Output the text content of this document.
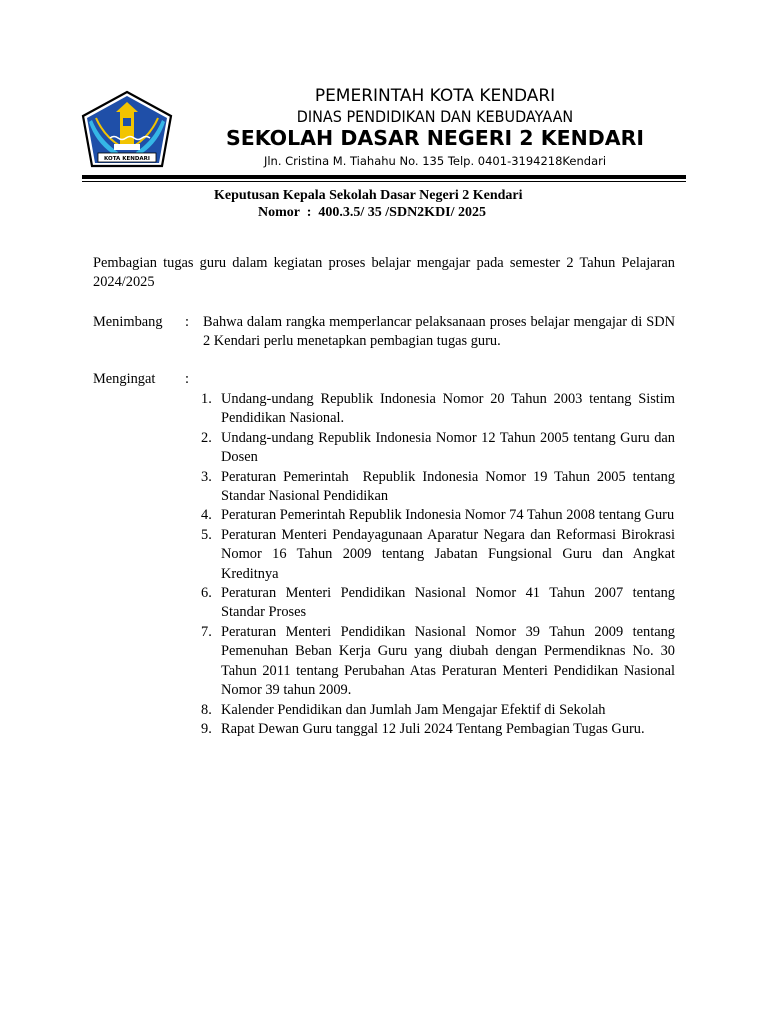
KOTA KENDARI
PEMERINTAH KOTA KENDARI
DINAS PENDIDIKAN DAN KEBUDAYAAN
SEKOLAH DASAR NEGERI 2 KENDARI
Jln. Cristina M. Tiahahu No. 135 Telp. 0401-3194218Kendari
Keputusan Kepala Sekolah Dasar Negeri 2 Kendari
Nomor  :  400.3.5/ 35 /SDN2KDI/ 2025
Pembagian tugas guru dalam kegiatan proses belajar mengajar pada semester 2 Tahun Pelajaran 2024/2025
Menimbang : Bahwa dalam rangka memperlancar pelaksanaan proses belajar mengajar di SDN 2 Kendari perlu menetapkan pembagian tugas guru.
Mengingat :
1. Undang-undang Republik Indonesia Nomor 20 Tahun 2003 tentang Sistim Pendidikan Nasional.
2. Undang-undang Republik Indonesia Nomor 12 Tahun 2005 tentang Guru dan Dosen
3. Peraturan Pemerintah  Republik Indonesia Nomor 19 Tahun 2005 tentang Standar Nasional Pendidikan
4. Peraturan Pemerintah Republik Indonesia Nomor 74 Tahun 2008 tentang Guru
5. Peraturan Menteri Pendayagunaan Aparatur Negara dan Reformasi Birokrasi Nomor 16 Tahun 2009 tentang Jabatan Fungsional Guru dan Angkat Kreditnya
6. Peraturan Menteri Pendidikan Nasional Nomor 41 Tahun 2007 tentang Standar Proses
7. Peraturan Menteri Pendidikan Nasional Nomor 39 Tahun 2009 tentang Pemenuhan Beban Kerja Guru yang diubah dengan Permendiknas No. 30 Tahun 2011 tentang Perubahan Atas Peraturan Menteri Pendidikan Nasional Nomor 39 tahun 2009.
8. Kalender Pendidikan dan Jumlah Jam Mengajar Efektif di Sekolah
9. Rapat Dewan Guru tanggal 12 Juli 2024 Tentang Pembagian Tugas Guru.
